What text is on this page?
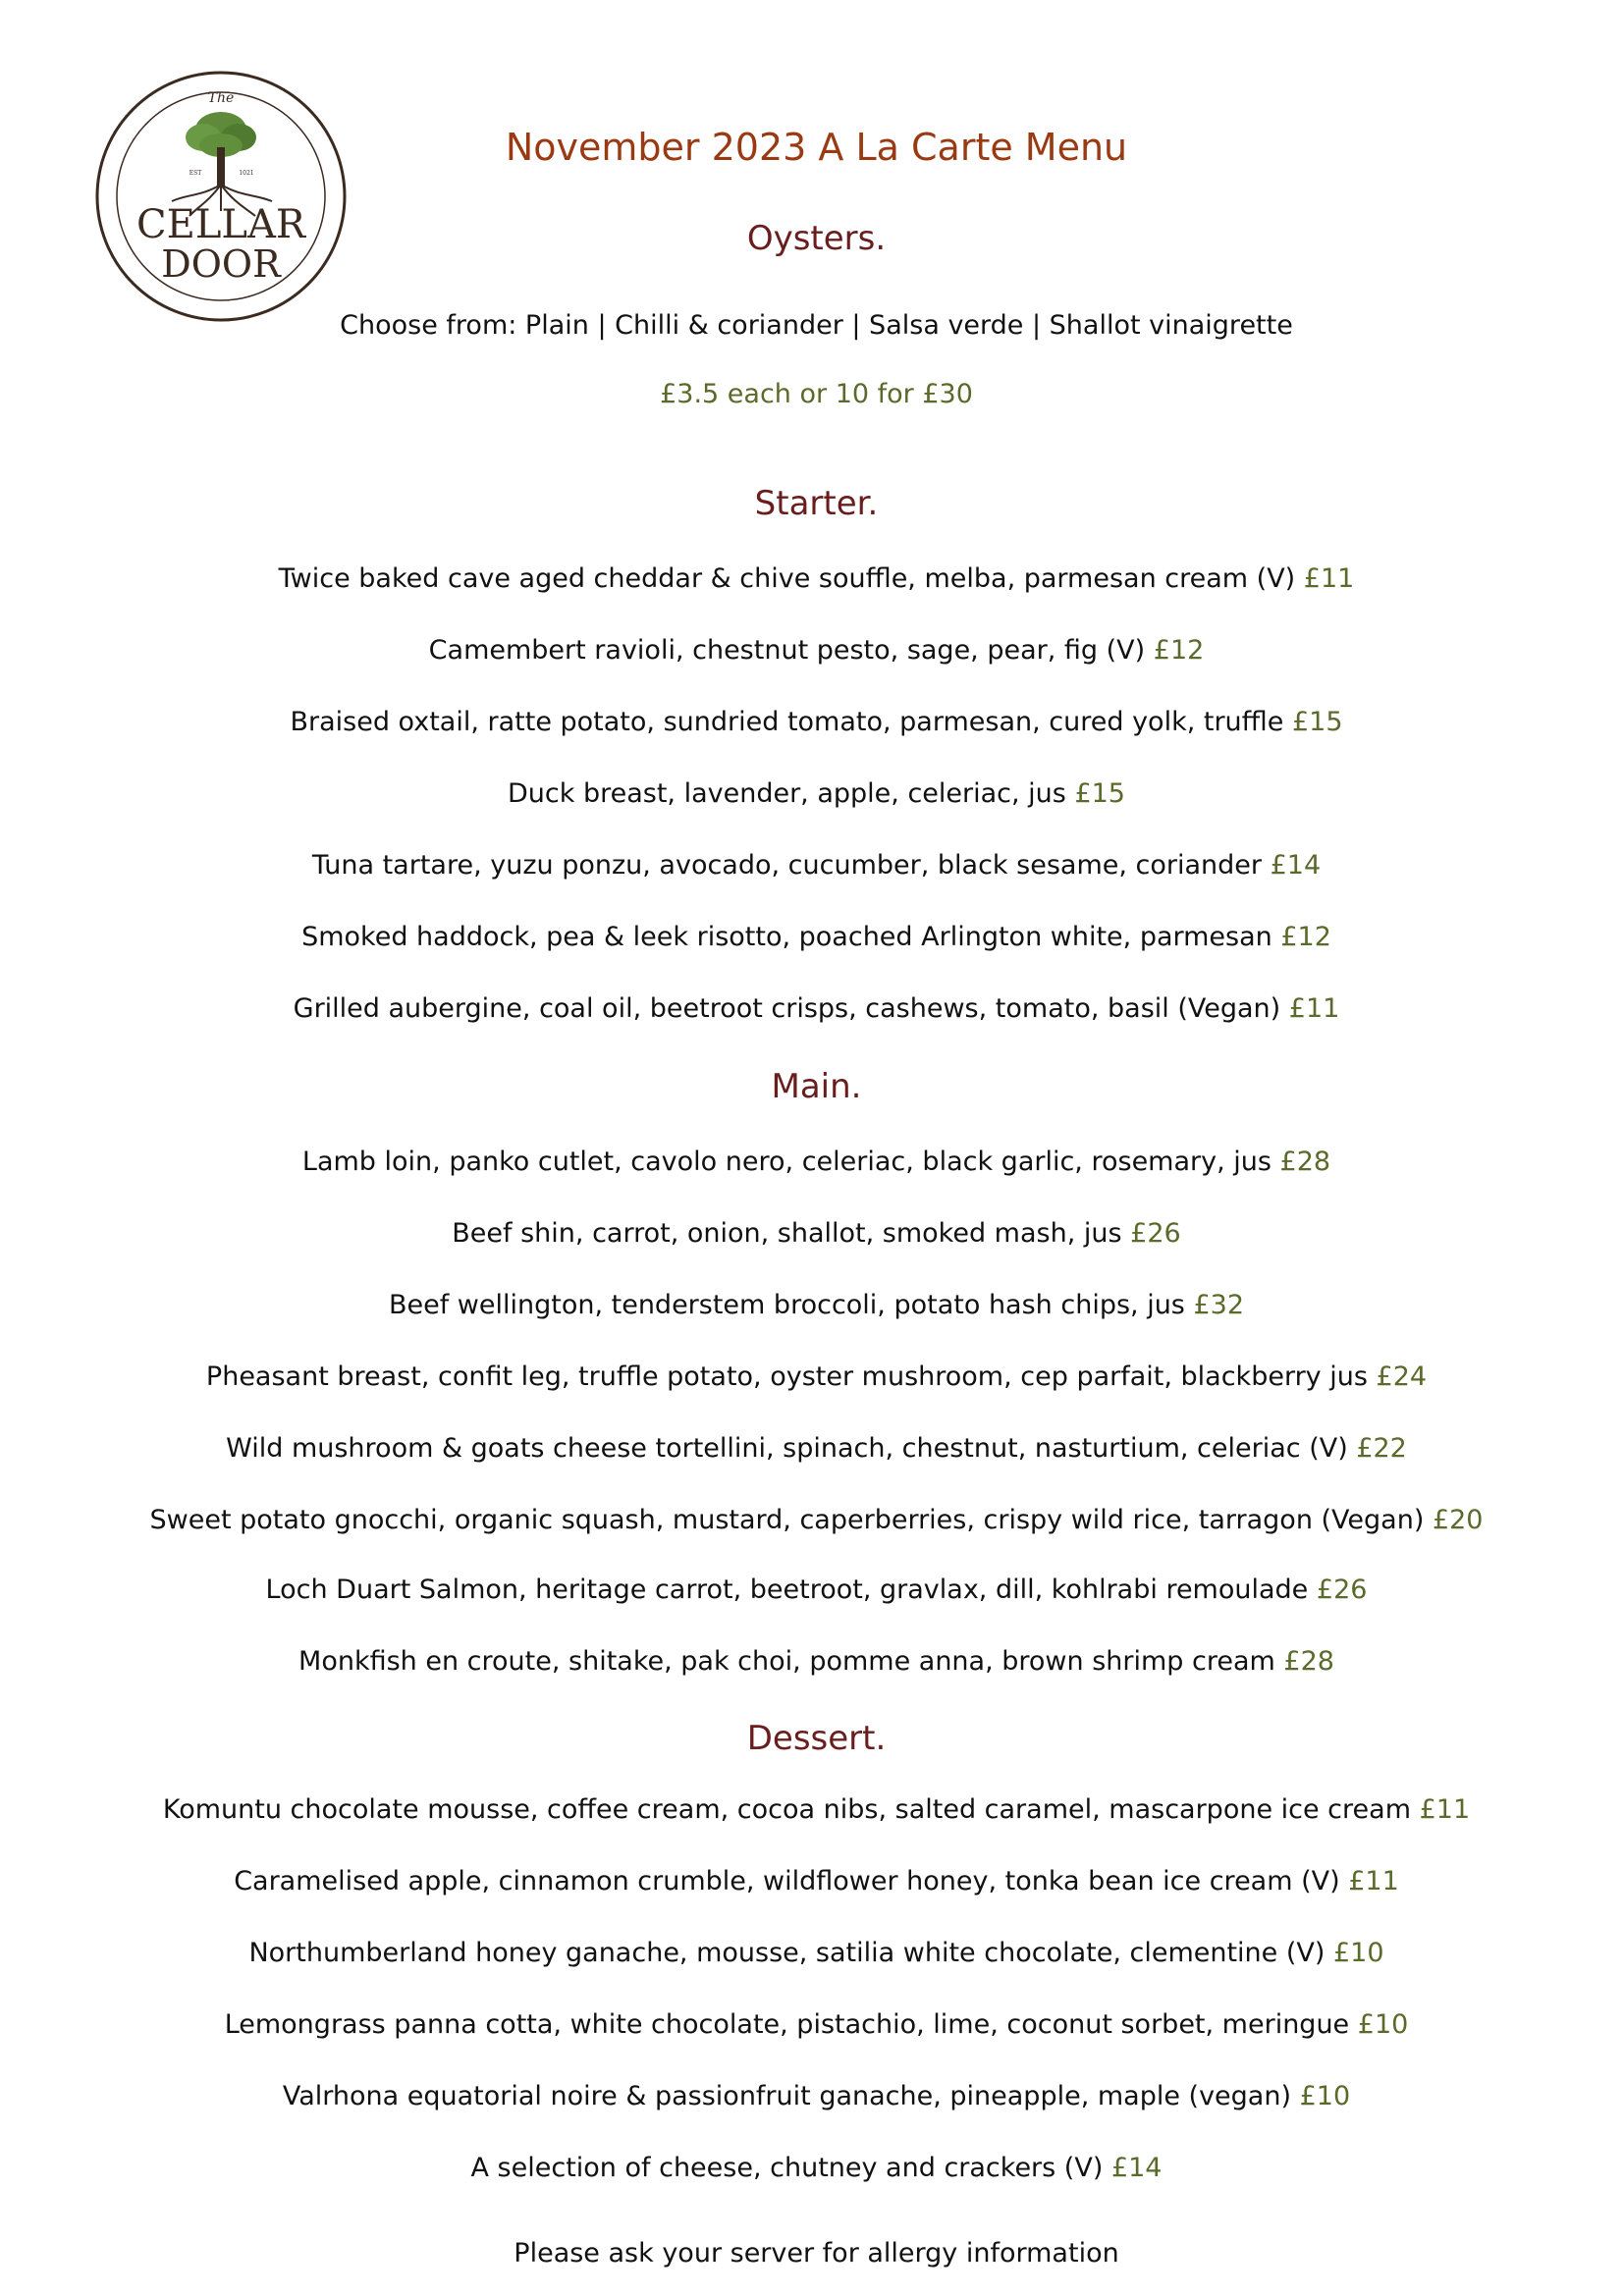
The
EST	1021
CELLAR
DOOR
November 2023 A La Carte Menu
Oysters.

Choose from: Plain | Chilli & coriander | Salsa verde | Shallot vinaigrette

£3.5 each or 10 for £30

Starter.

Twice baked cave aged cheddar & chive souffle, melba, parmesan cream (V) £11

Camembert ravioli, chestnut pesto, sage, pear, fig (V) £12

Braised oxtail, ratte potato, sundried tomato, parmesan, cured yolk, truffle £15

Duck breast, lavender, apple, celeriac, jus £15

Tuna tartare, yuzu ponzu, avocado, cucumber, black sesame, coriander £14

Smoked haddock, pea & leek risotto, poached Arlington white, parmesan £12

Grilled aubergine, coal oil, beetroot crisps, cashews, tomato, basil (Vegan) £11

Main.

Lamb loin, panko cutlet, cavolo nero, celeriac, black garlic, rosemary, jus £28

Beef shin, carrot, onion, shallot, smoked mash, jus £26

Beef wellington, tenderstem broccoli, potato hash chips, jus £32

Pheasant breast, confit leg, truffle potato, oyster mushroom, cep parfait, blackberry jus £24

Wild mushroom & goats cheese tortellini, spinach, chestnut, nasturtium, celeriac (V) £22

Sweet potato gnocchi, organic squash, mustard, caperberries, crispy wild rice, tarragon (Vegan) £20

Loch Duart Salmon, heritage carrot, beetroot, gravlax, dill, kohlrabi remoulade £26

Monkfish en croute, shitake, pak choi, pomme anna, brown shrimp cream £28

Dessert.

Komuntu chocolate mousse, coffee cream, cocoa nibs, salted caramel, mascarpone ice cream £11

Caramelised apple, cinnamon crumble, wildflower honey, tonka bean ice cream (V) £11

Northumberland honey ganache, mousse, satilia white chocolate, clementine (V) £10

Lemongrass panna cotta, white chocolate, pistachio, lime, coconut sorbet, meringue £10

Valrhona equatorial noire & passionfruit ganache, pineapple, maple (vegan) £10

A selection of cheese, chutney and crackers (V) £14

Please ask your server for allergy information
